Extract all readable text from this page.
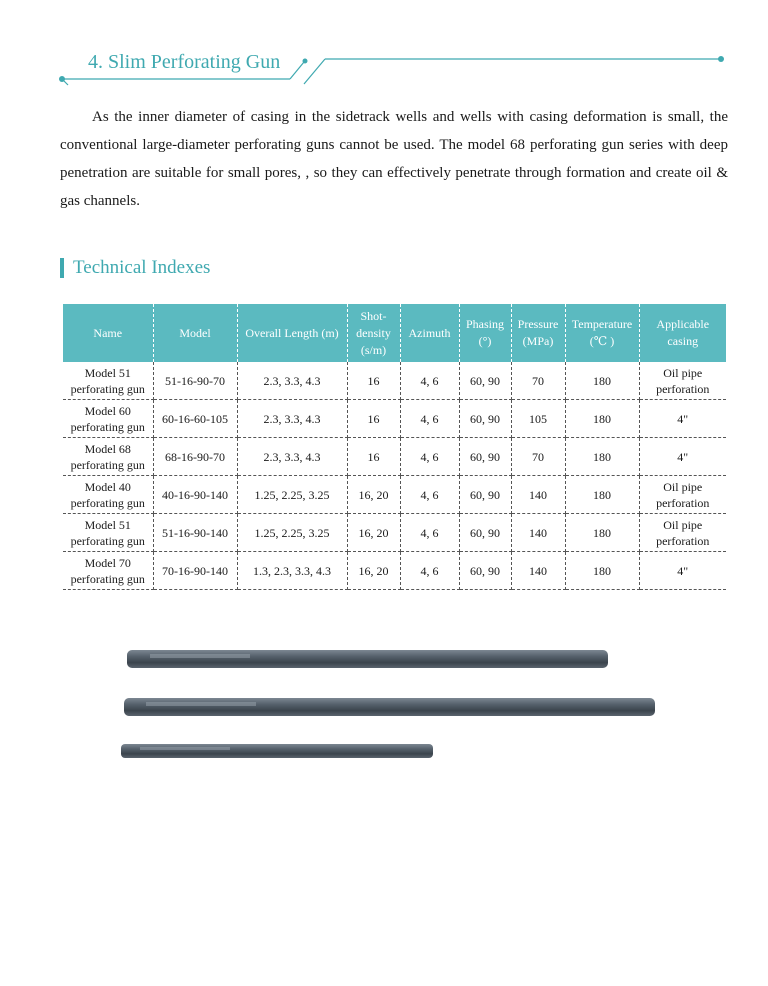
4. Slim Perforating Gun

As the inner diameter of casing in the sidetrack wells and wells with casing deformation is small, the conventional large-diameter perforating guns cannot be used. The model 68 perforating gun series with deep penetration are suitable for small pores, , so they can effectively penetrate through formation and create oil & gas channels.

Technical Indexes
Name	Model	Overall Length (m)	Shot-density (s/m)	Azimuth	Phasing (°)	Pressure (MPa)	Temperature (℃ )	Applicable casing
Model 51 perforating gun	51-16-90-70	2.3, 3.3, 4.3	16	4, 6	60, 90	70	180	Oil pipe perforation
Model 60 perforating gun	60-16-60-105	2.3, 3.3, 4.3	16	4, 6	60, 90	105	180	4"
Model 68 perforating gun	68-16-90-70	2.3, 3.3, 4.3	16	4, 6	60, 90	70	180	4"
Model 40 perforating gun	40-16-90-140	1.25, 2.25, 3.25	16, 20	4, 6	60, 90	140	180	Oil pipe perforation
Model 51 perforating gun	51-16-90-140	1.25, 2.25, 3.25	16, 20	4, 6	60, 90	140	180	Oil pipe perforation
Model 70 perforating gun	70-16-90-140	1.3, 2.3, 3.3, 4.3	16, 20	4, 6	60, 90	140	180	4"
